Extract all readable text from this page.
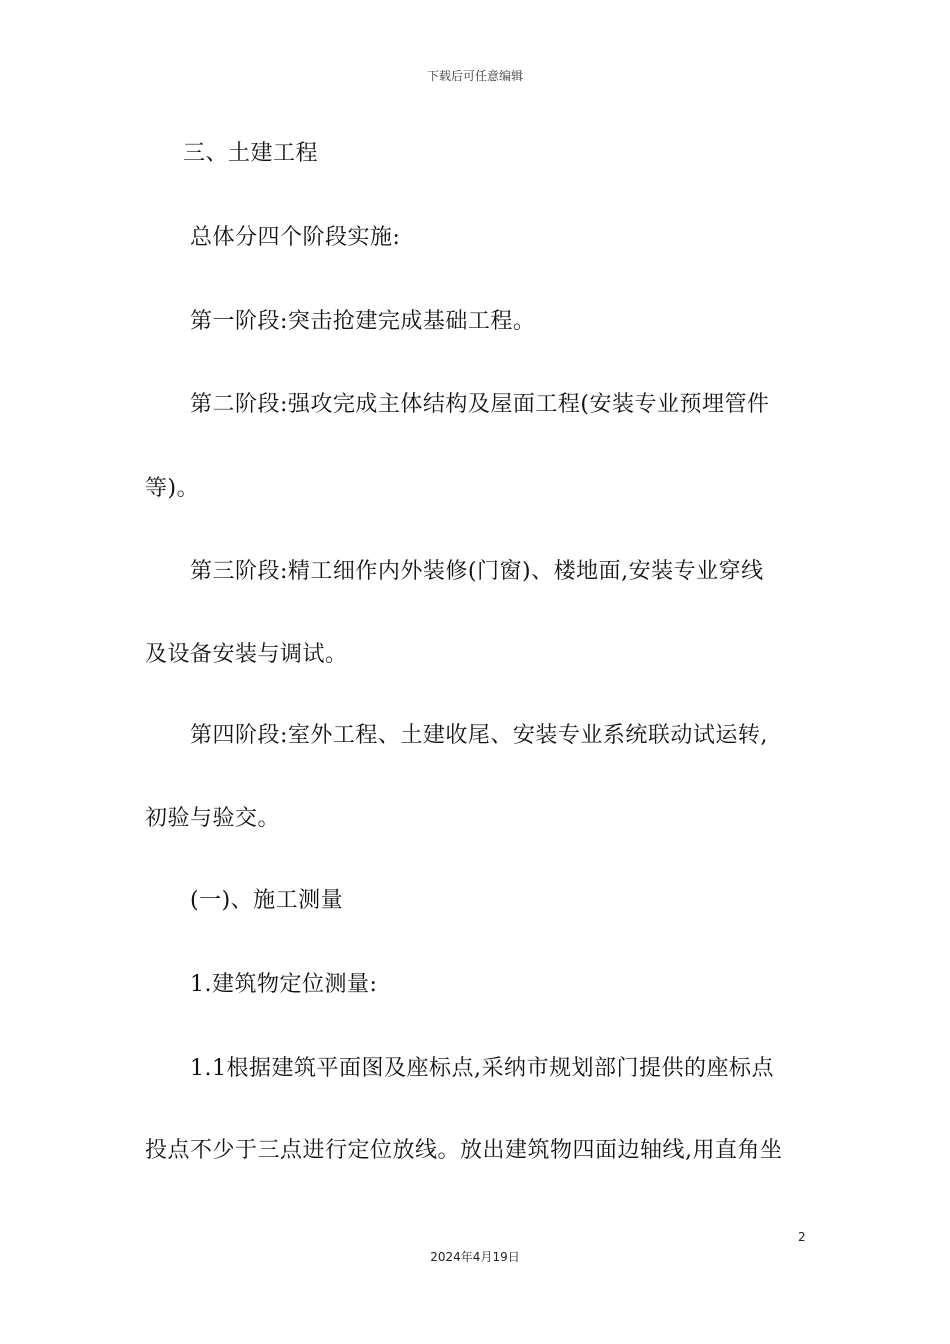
下载后可任意编辑
三、土建工程
总体分四个阶段实施:
第一阶段:突击抢建完成基础工程。
第二阶段:强攻完成主体结构及屋面工程(安装专业预埋管件
等)。
第三阶段:精工细作内外装修(门窗)、楼地面,安装专业穿线
及设备安装与调试。
第四阶段:室外工程、土建收尾、安装专业系统联动试运转,
初验与验交。
(一)、施工测量
1.建筑物定位测量:
1.1根据建筑平面图及座标点,采纳市规划部门提供的座标点
投点不少于三点进行定位放线。放出建筑物四面边轴线,用直角坐
2
2024年4月19日
